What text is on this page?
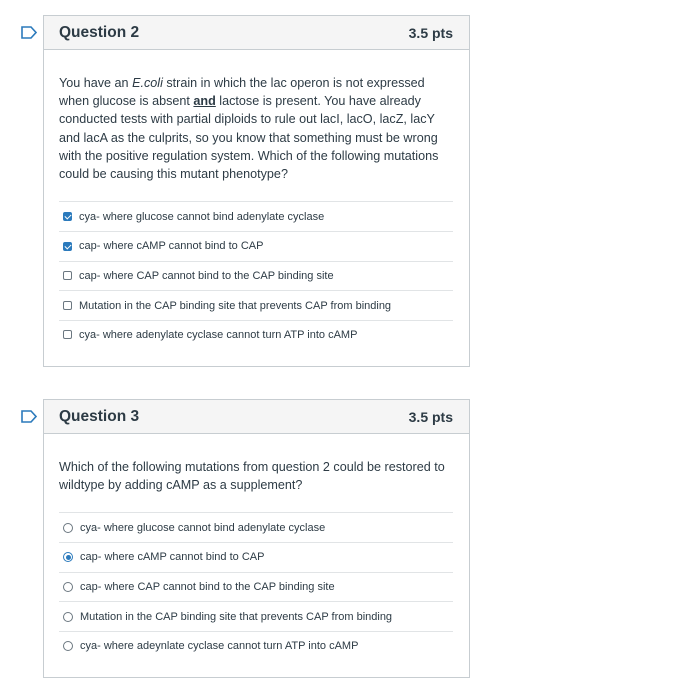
Question 2	3.5 pts
You have an E.coli strain in which the lac operon is not expressed when glucose is absent and lactose is present. You have already conducted tests with partial diploids to rule out lacI, lacO, lacZ, lacY and lacA as the culprits, so you know that something must be wrong with the positive regulation system. Which of the following mutations could be causing this mutant phenotype?
cya- where glucose cannot bind adenylate cyclase
cap- where cAMP cannot bind to CAP
cap- where CAP cannot bind to the CAP binding site
Mutation in the CAP binding site that prevents CAP from binding
cya- where adenylate cyclase cannot turn ATP into cAMP
Question 3	3.5 pts
Which of the following mutations from question 2 could be restored to wildtype by adding cAMP as a supplement?
cya- where glucose cannot bind adenylate cyclase
cap- where cAMP cannot bind to CAP
cap- where CAP cannot bind to the CAP binding site
Mutation in the CAP binding site that prevents CAP from binding
cya- where adeynlate cyclase cannot turn ATP into cAMP
